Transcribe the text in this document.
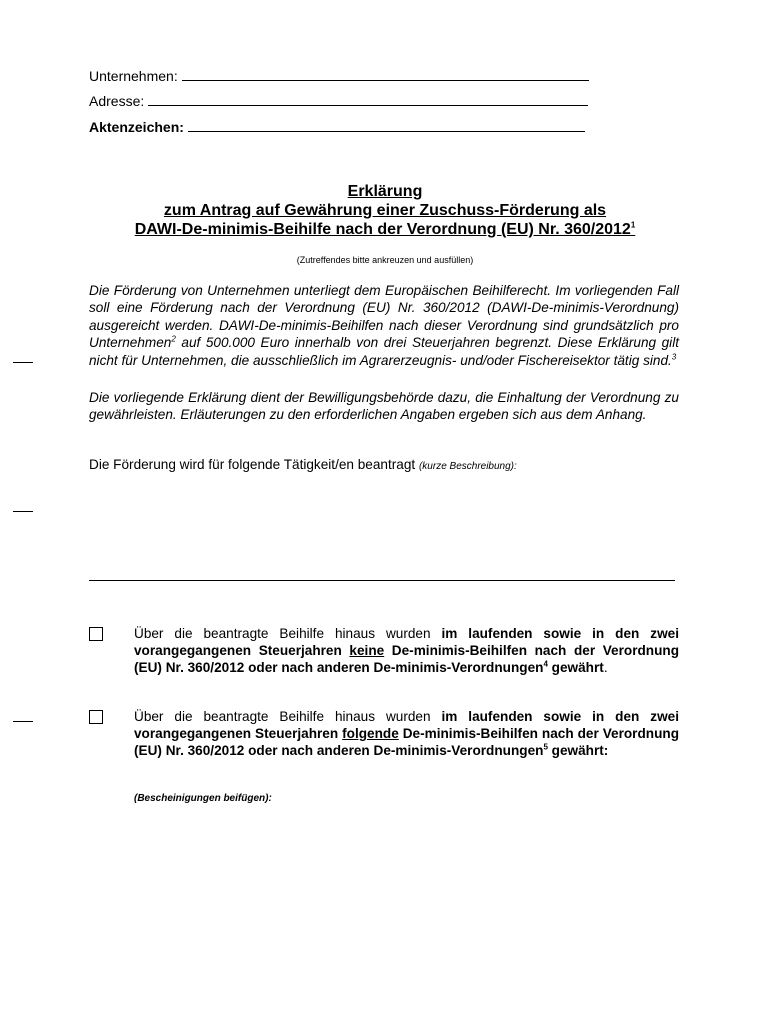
Unternehmen:
Adresse:
Aktenzeichen:
Erklärung
zum Antrag auf Gewährung einer Zuschuss-Förderung als
DAWI-De-minimis-Beihilfe nach der Verordnung (EU) Nr. 360/2012$^1$
(Zutreffendes bitte ankreuzen und ausfüllen)
Die Förderung von Unternehmen unterliegt dem Europäischen Beihilferecht. Im vorliegenden Fall soll eine Förderung nach der Verordnung (EU) Nr. 360/2012 (DAWI-De-minimis-Verordnung) ausgereicht werden. DAWI-De-minimis-Beihilfen nach dieser Verordnung sind grundsätzlich pro Unternehmen$^2$ auf 500.000 Euro innerhalb von drei Steuerjahren begrenzt. Diese Erklärung gilt nicht für Unternehmen, die ausschließlich im Agrarerzeugnis- und/oder Fischereisektor tätig sind.$^3$
Die vorliegende Erklärung dient der Bewilligungsbehörde dazu, die Einhaltung der Verordnung zu gewährleisten. Erläuterungen zu den erforderlichen Angaben ergeben sich aus dem Anhang.
Die Förderung wird für folgende Tätigkeit/en beantragt (kurze Beschreibung):
Über die beantragte Beihilfe hinaus wurden im laufenden sowie in den zwei vorangegangenen Steuerjahren keine De-minimis-Beihilfen nach der Verordnung (EU) Nr. 360/2012 oder nach anderen De-minimis-Verordnungen$^4$ gewährt.
Über die beantragte Beihilfe hinaus wurden im laufenden sowie in den zwei vorangegangenen Steuerjahren folgende De-minimis-Beihilfen nach der Verordnung (EU) Nr. 360/2012 oder nach anderen De-minimis-Verordnungen$^5$ gewährt:
(Bescheinigungen beifügen):
